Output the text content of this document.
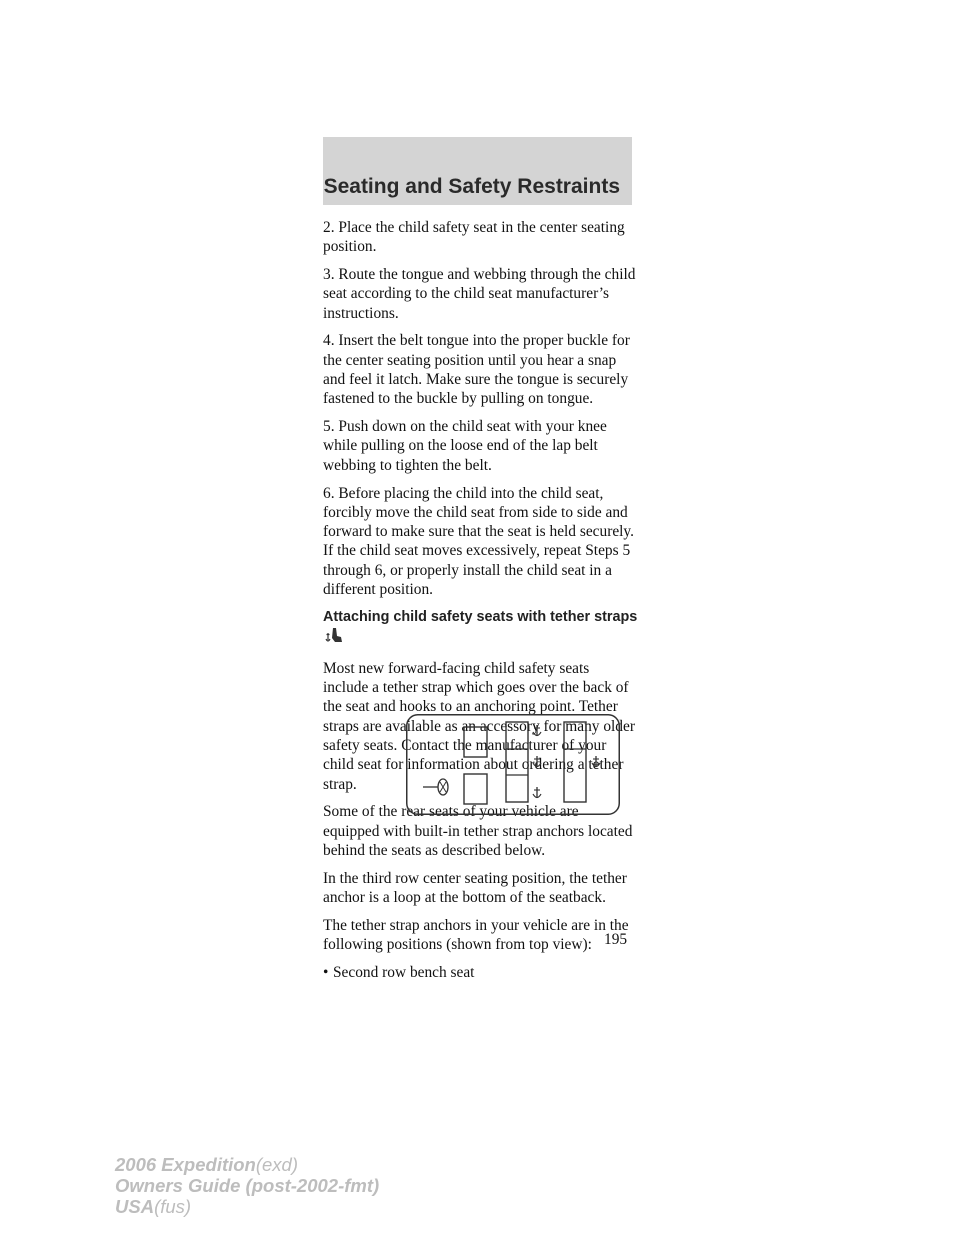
Seating and Safety Restraints

2. Place the child safety seat in the center seating position.

3. Route the tongue and webbing through the child seat according to the child seat manufacturer’s instructions.

4. Insert the belt tongue into the proper buckle for the center seating position until you hear a snap and feel it latch. Make sure the tongue is securely fastened to the buckle by pulling on tongue.

5. Push down on the child seat with your knee while pulling on the loose end of the lap belt webbing to tighten the belt.

6. Before placing the child into the child seat, forcibly move the child seat from side to side and forward to make sure that the seat is held securely. If the child seat moves excessively, repeat Steps 5 through 6, or properly install the child seat in a different position.

Attaching child safety seats with tether straps

Most new forward-facing child safety seats include a tether strap which goes over the back of the seat and hooks to an anchoring point. Tether straps are available as an accessory for many older safety seats. Contact the manufacturer of your child seat for information about ordering a tether strap.

Some of the rear seats of your vehicle are equipped with built-in tether strap anchors located behind the seats as described below.

In the third row center seating position, the tether anchor is a loop at the bottom of the seatback.

The tether strap anchors in your vehicle are in the following positions (shown from top view):

• Second row bench seat

195
2006 Expedition(exd)
Owners Guide (post-2002-fmt)
USA(fus)
